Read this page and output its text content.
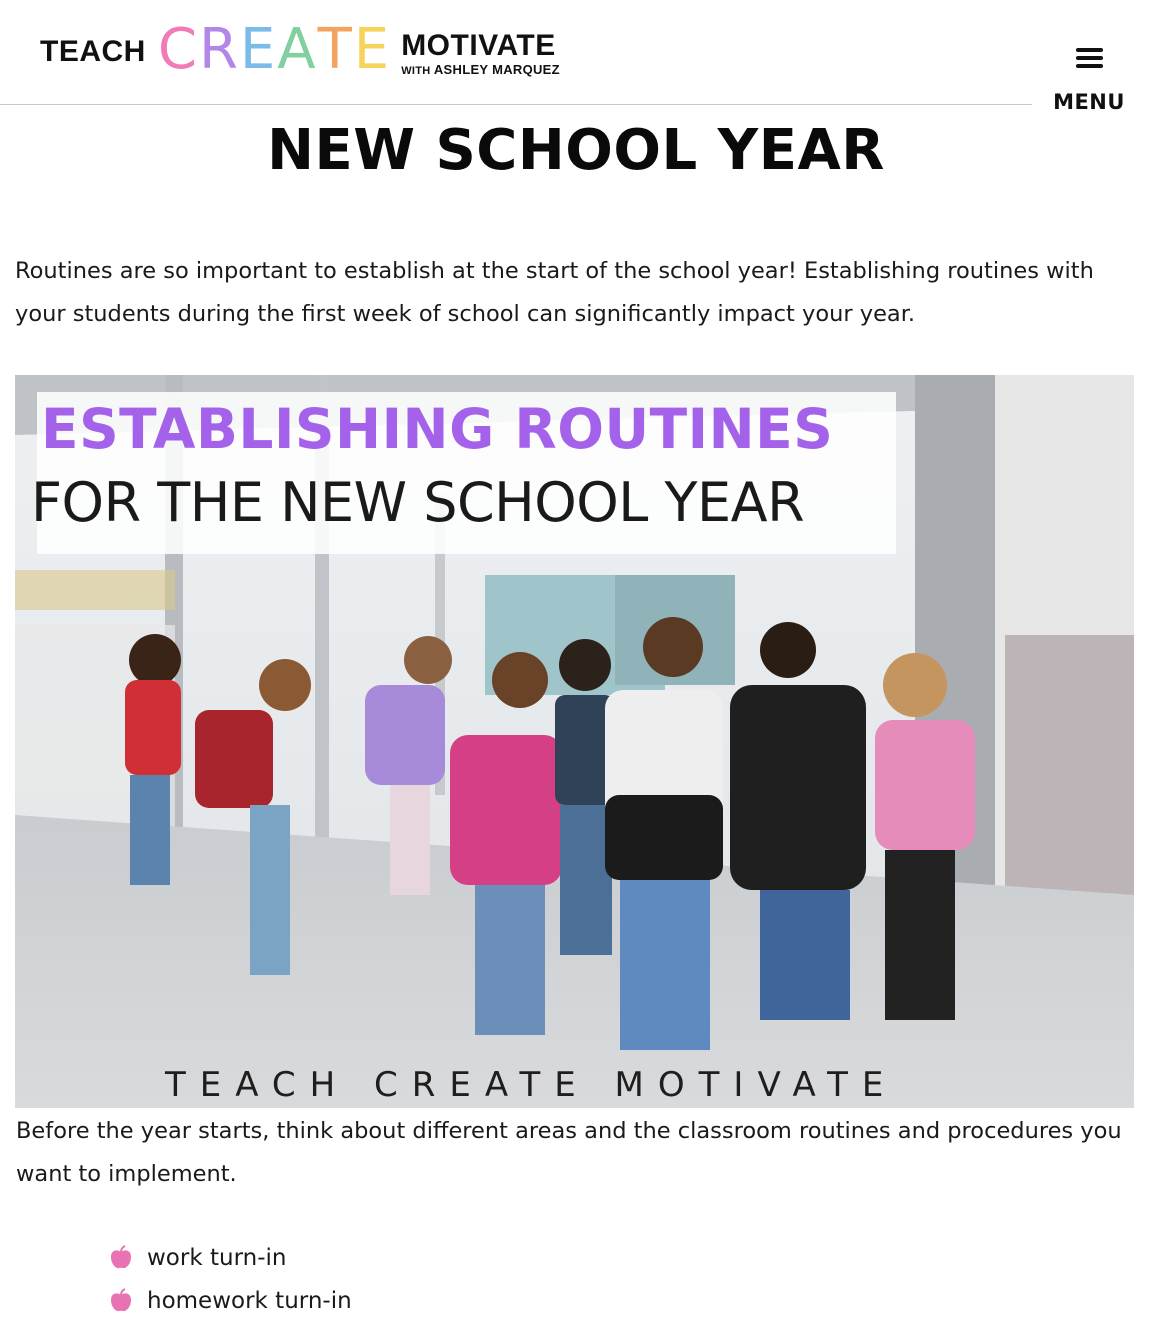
TEACH CREATE MOTIVATE
WITH ASHLEY MARQUEZ
MENU
NEW SCHOOL YEAR

Routines are so important to establish at the start of the school year! Establishing routines with your students during the first week of school can significantly impact your year.

ESTABLISHING ROUTINES
FOR THE NEW SCHOOL YEAR
TEACH CREATE MOTIVATE

Before the year starts, think about different areas and the classroom routines and procedures you want to implement.

work turn-in
homework turn-in
